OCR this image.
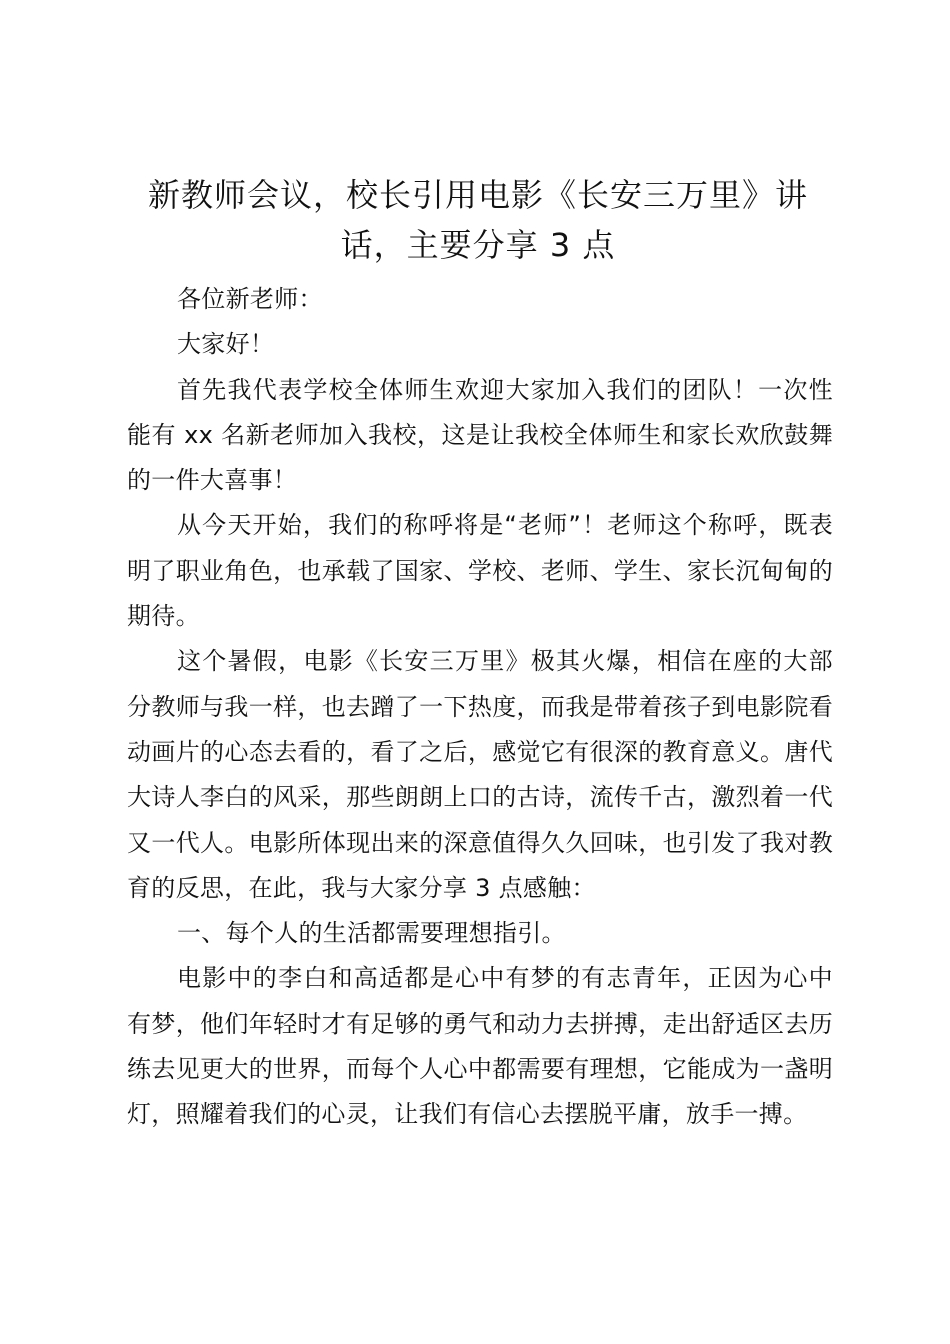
新教师会议，校长引用电影《长安三万里》讲话，主要分享 3 点

各位新老师：

大家好！

首先我代表学校全体师生欢迎大家加入我们的团队！一次性能有 xx 名新老师加入我校，这是让我校全体师生和家长欢欣鼓舞的一件大喜事！

从今天开始，我们的称呼将是“老师”！老师这个称呼，既表明了职业角色，也承载了国家、学校、老师、学生、家长沉甸甸的期待。

这个暑假，电影《长安三万里》极其火爆，相信在座的大部分教师与我一样，也去蹭了一下热度，而我是带着孩子到电影院看动画片的心态去看的，看了之后，感觉它有很深的教育意义。唐代大诗人李白的风采，那些朗朗上口的古诗，流传千古，激烈着一代又一代人。电影所体现出来的深意值得久久回味，也引发了我对教育的反思，在此，我与大家分享 3 点感触：

一、每个人的生活都需要理想指引。

电影中的李白和高适都是心中有梦的有志青年，正因为心中有梦，他们年轻时才有足够的勇气和动力去拼搏，走出舒适区去历练去见更大的世界，而每个人心中都需要有理想，它能成为一盏明灯，照耀着我们的心灵，让我们有信心去摆脱平庸，放手一搏。
